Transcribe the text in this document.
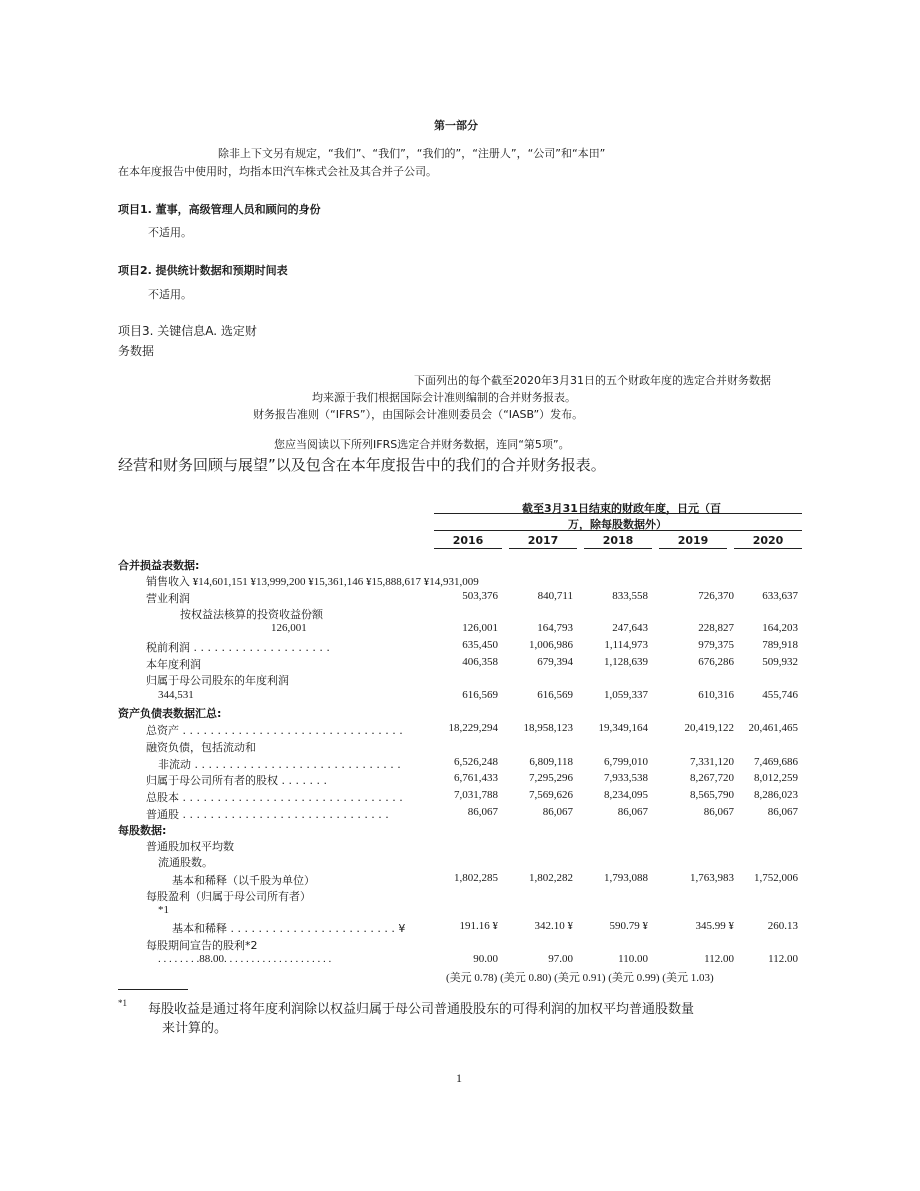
第一部分
除非上下文另有规定，“我们”、“我们”，“我们的”，“注册人”，“公司”和“本田”
在本年度报告中使用时，均指本田汽车株式会社及其合并子公司。
项目1. 董事，高级管理人员和顾问的身份
不适用。
项目2. 提供统计数据和预期时间表
不适用。
项目3. 关键信息A. 选定财
务数据
下面列出的每个截至2020年3月31日的五个财政年度的选定合并财务数据
均来源于我们根据国际会计准则编制的合并财务报表。
财务报告准则（“IFRS”），由国际会计准则委员会（“IASB”）发布。
您应当阅读以下所列IFRS选定合并财务数据，连同“第5项”。
经营和财务回顾与展望”以及包含在本年度报告中的我们的合并财务报表。
截至3月31日结束的财政年度，日元（百
万，除每股数据外）
2016	2017	2018	2019	2020
合并损益表数据:
销售收入 ¥14,601,151 ¥13,999,200 ¥15,361,146 ¥15,888,617 ¥14,931,009
营业利润	503,376	840,711	833,558	726,370	633,637
按权益法核算的投资收益份额
126,001	126,001	164,793	247,643	228,827	164,203
税前利润 . . . . . . . . . . . . . . . . . . . .	635,450	1,006,986	1,114,973	979,375	789,918
本年度利润	406,358	679,394	1,128,639	676,286	509,932
归属于母公司股东的年度利润
344,531	616,569	616,569	1,059,337	610,316	455,746
资产负债表数据汇总:
总资产 . . . . . . . . . . . . . . . . . . . . . . . . . . . . . . . .	18,229,294	18,958,123	19,349,164	20,419,122	20,461,465
融资负债，包括流动和
非流动 . . . . . . . . . . . . . . . . . . . . . . . . . . . . . .	6,526,248	6,809,118	6,799,010	7,331,120	7,469,686
归属于母公司所有者的股权 . . . . . . .	6,761,433	7,295,296	7,933,538	8,267,720	8,012,259
总股本 . . . . . . . . . . . . . . . . . . . . . . . . . . . . . . . .	7,031,788	7,569,626	8,234,095	8,565,790	8,286,023
普通股 . . . . . . . . . . . . . . . . . . . . . . . . . . . . . .	86,067	86,067	86,067	86,067	86,067
每股数据:
普通股加权平均数
流通股数。
基本和稀释（以千股为单位）	1,802,285	1,802,282	1,793,088	1,763,983	1,752,006
每股盈利（归属于母公司所有者）
*1
基本和稀释 . . . . . . . . . . . . . . . . . . . . . . . . ¥	191.16 ¥	342.10 ¥	590.79 ¥	345.99 ¥	260.13
每股期间宣告的股利*2
. . . . . . . .88.00. . . . . . . . . . . . . . . . . . . .	90.00	97.00	110.00	112.00	112.00
(美元 0.78) (美元 0.80) (美元 0.91) (美元 0.99) (美元 1.03)
*1 每股收益是通过将年度利润除以权益归属于母公司普通股股东的可得利润的加权平均普通股数量
来计算的。
1
